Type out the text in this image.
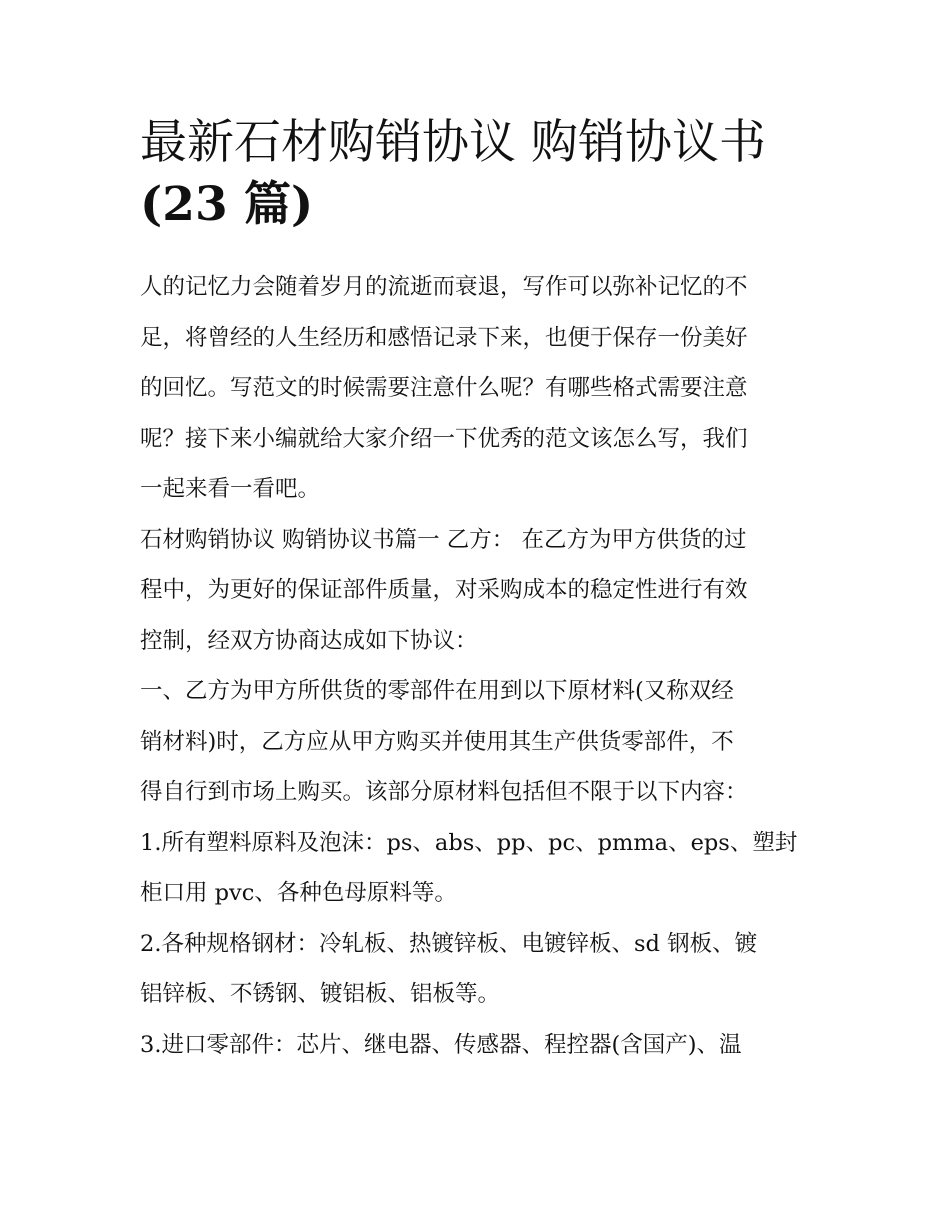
最新石材购销协议 购销协议书
(23 篇)

人的记忆力会随着岁月的流逝而衰退，写作可以弥补记忆的不
足，将曾经的人生经历和感悟记录下来，也便于保存一份美好
的回忆。写范文的时候需要注意什么呢？有哪些格式需要注意
呢？接下来小编就给大家介绍一下优秀的范文该怎么写，我们
一起来看一看吧。

石材购销协议 购销协议书篇一 乙方： 在乙方为甲方供货的过
程中，为更好的保证部件质量，对采购成本的稳定性进行有效
控制，经双方协商达成如下协议：

一、乙方为甲方所供货的零部件在用到以下原材料(又称双经
销材料)时，乙方应从甲方购买并使用其生产供货零部件，不
得自行到市场上购买。该部分原材料包括但不限于以下内容：

1.所有塑料原料及泡沫：ps、abs、pp、pc、pmma、eps、塑封
柜口用 pvc、各种色母原料等。

2.各种规格钢材：冷轧板、热镀锌板、电镀锌板、sd 钢板、镀
铝锌板、不锈钢、镀铝板、铝板等。

3.进口零部件：芯片、继电器、传感器、程控器(含国产)、温
